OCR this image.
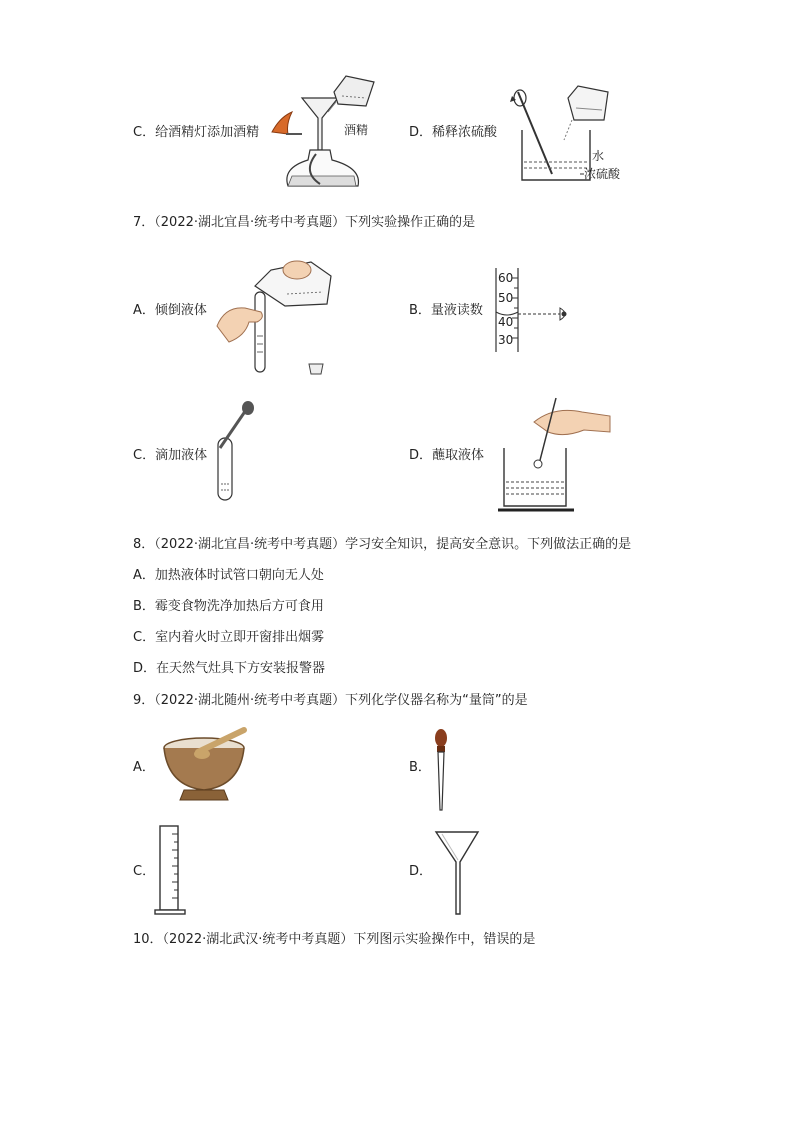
C．给酒精灯添加酒精	酒精	D．稀释浓硫酸
水
浓硫酸
7．（2022·湖北宜昌·统考中考真题）下列实验操作正确的是
A．倾倒液体	B．量液读数
60
50
40
30
C．滴加液体	D．蘸取液体
8．（2022·湖北宜昌·统考中考真题）学习安全知识，提高安全意识。下列做法正确的是
A．加热液体时试管口朝向无人处
B．霉变食物洗净加热后方可食用
C．室内着火时立即开窗排出烟雾
D．在天然气灶具下方安装报警器
9．（2022·湖北随州·统考中考真题）下列化学仪器名称为“量筒”的是
A．	B．
C．	D．
10．（2022·湖北武汉·统考中考真题）下列图示实验操作中，错误的是
